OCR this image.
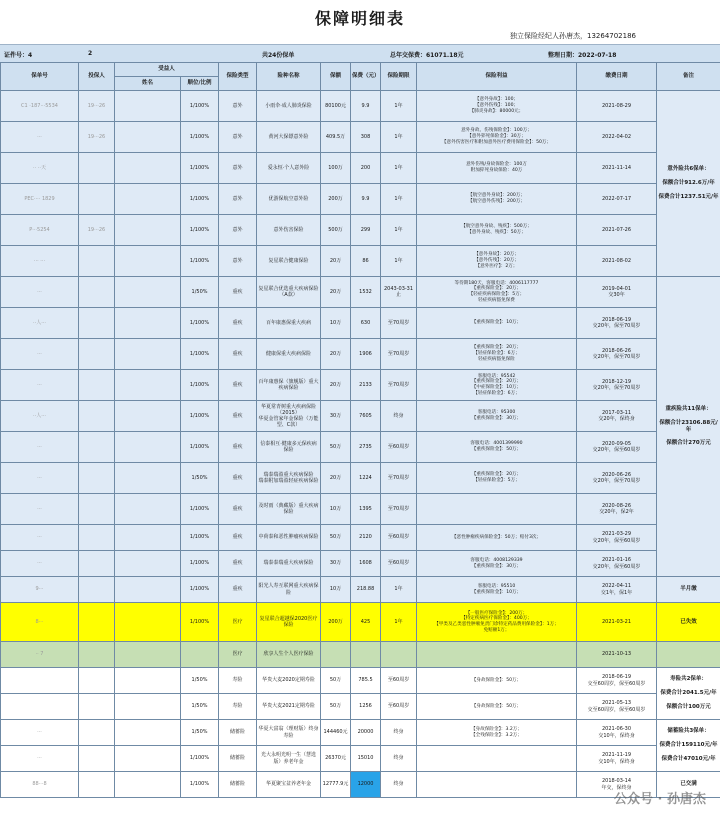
保障明细表
独立保险经纪人孙唐杰，13264702186
证件号：4	2	共24份保单	总年交保费：61071.18元	整理日期：2022-07-18
保单号	投保人	受益人		保险类型	险种名称	保额	保费（元）	保险期限	保险利益	缴费日期	备注
		姓名	顺位/比例								
C1 ·187···5534	19···26		1/100%	意外	小雨伞·成人肺炎保险	80100元	9.9	1年	【意外身故】：100；
【意外伤残】：100；
【肺炎身故】：80000元；	2021-08-29	意外险共6保单：

保额合计912.6万/年

保费合计1237.51元/年
···	19···26		1/100%	意外	黄河大保镖意外险	409.5万	308	1年	意外身故、伤残保险金】：100万；
【意外猝死保险金】：30万；
【意外伤害医疗和附加意外医疗费用保险金】：50万；	2022-04-02	
·· ··天			1/100%	意外	爱永恒·个人意外险	100万	200	1年	意外伤残/身故保险金：100万
附加猝死身故保险：40万	2021-11-14	
PEC···· 1829			1/100%	意外	优游保航空意外险	200万	9.9	1年	【航空意外身故】：200万；
【航空意外伤残】：200万；	2022-07-17	
P···5254	19···26		1/100%	意外	意外伤害保险	500万	299	1年	【航空意外身故、残疾】：500万；
【意外身故、残疾】：50万；	2021-07-26	
··· ···			1/100%	意外	复星联合健康保险	20万	86	1年	【意外身故】：20万；
【意外伤残】：20万；
【意外医疗】：2万；	2021-08-02	
···			1/50%	重疾	复星联合优选重大疾病保险（A款）	20万	1532	2043-03-31止	等待期180天，客服电话：4006117777
【重疾保险金】：20万；
【轻症疾病保险金】：5万；
轻症疾病豁免保费	2019-04-01
交30年	重疾险共11保单：

保额合计23106.88元/年

保额合计270万元
··人···			1/100%	重疾	百年康惠保重大疾病	10万	630	至70周岁	【重疾保险金】：10万；	2018-06-19
交20年，保至70周岁	
···			1/100%	重疾	健康保重大疾病保险	20万	1906	至70周岁	【重疾保险金】：20万；
【轻症保险金】：6万；
轻症疾病豁免保险	2018-06-26
交20年，保至70周岁	
···			1/100%	重疾	百年康惠保（旗舰版）重大疾病保险	20万	2133	至70周岁	客服电话：95542
【重疾保险金】：20万；
【中症保险金】：10万；
【轻症保险金】：6万；	2018-12-19
交20年，保至70周岁	
··人···			1/100%	重疾	华夏常青树重大疾病保险（2015）
华夏金管家年金保险（万能型、C款）	30万	7605	终身	客服电话：95300
【重疾保险金】：30万；	2017-03-11
交20年，保终身	
···			1/100%	重疾	信泰相互·健康多元保疾病保险	50万	2735	至60周岁	客服电话：4001399990
【重疾保险金】：50万；	2020-09-05
交20年，保至60周岁	
···			1/50%	重疾	瑞泰瑞盈重大疾病保险
瑞泰附加瑞盈轻症疾病保险	20万	1224	至70周岁	【重疾保险金】：20万；
【轻症保险金】：5万；	2020-06-26
交20年，保至70周岁	
···			1/100%	重疾	及时雨（典藏版）重大疾病保险	10万	1395	至70周岁		2020-08-26
交20年，保2年	
···			1/100%	重疾	中荷泰和恶性肿瘤疾病保险	50万	2120	至60周岁	【恶性肿瘤疾病保险金】：50万；赔付3次；	2021-03-29
交20年，保至60周岁	
···			1/100%	重疾	瑞泰泰瑞重大疾病保险	30万	1608	至60周岁	客服电话：4008129339
【重疾保险金】：30万；	2021-01-16
交20年，保至60周岁	
9···			1/100%	重疾	阳光人寿互联网重大疾病保险	10万	218.88	1年	客服电话：95510
【重疾保险金】：10万；	2022-04-11
交1年，保1年	半月缴
8···			1/100%	医疗	复星联合超越保2020医疗保险	200万	425	1年	【一般医疗保险金】：200万；
【特定疾病医疗保险金】：400万；
【甲类及乙类恶性肿瘤免责门诊特定药品费用保险金】：1万；
免赔额1万；	2021-03-21	已失效
·· 7				医疗	欣享人生个人医疗保险					2021-10-13	
			1/50%	寿险	华贵大麦2020定期寿险	50万	785.5	至60周岁	【身故保险金】：50万；	2018-06-19
交至60周岁，保至60周岁	寿险共2保单：

保费合计2041.5元/年

保额合计100万元
			1/50%	寿险	华贵大麦2021定期寿险	50万	1256	至60周岁	【身故保险金】：50万；	2021-05-13
交至60周岁，保至60周岁	
···			1/50%	储蓄险	华夏大富翁（理财版）终身寿险	144460元	20000	终身	【身故保险金】：3.2万；
【全残保险金】：3.2万；	2021-06-30
交10年，保终身	储蓄险共3保单：

保费合计159110元/年

保费合计47010元/年
···			1/100%	储蓄险	光大永明光明一生（慧选版）养老年金	26370元	15010	终身		2021-11-19
交10年，保终身	
88···8			1/100%	储蓄险	华夏聚宝盆养老年金	12777.9元	12000	终身		2018-03-14
年交，保终身	已交满
公众号 · 孙唐杰
